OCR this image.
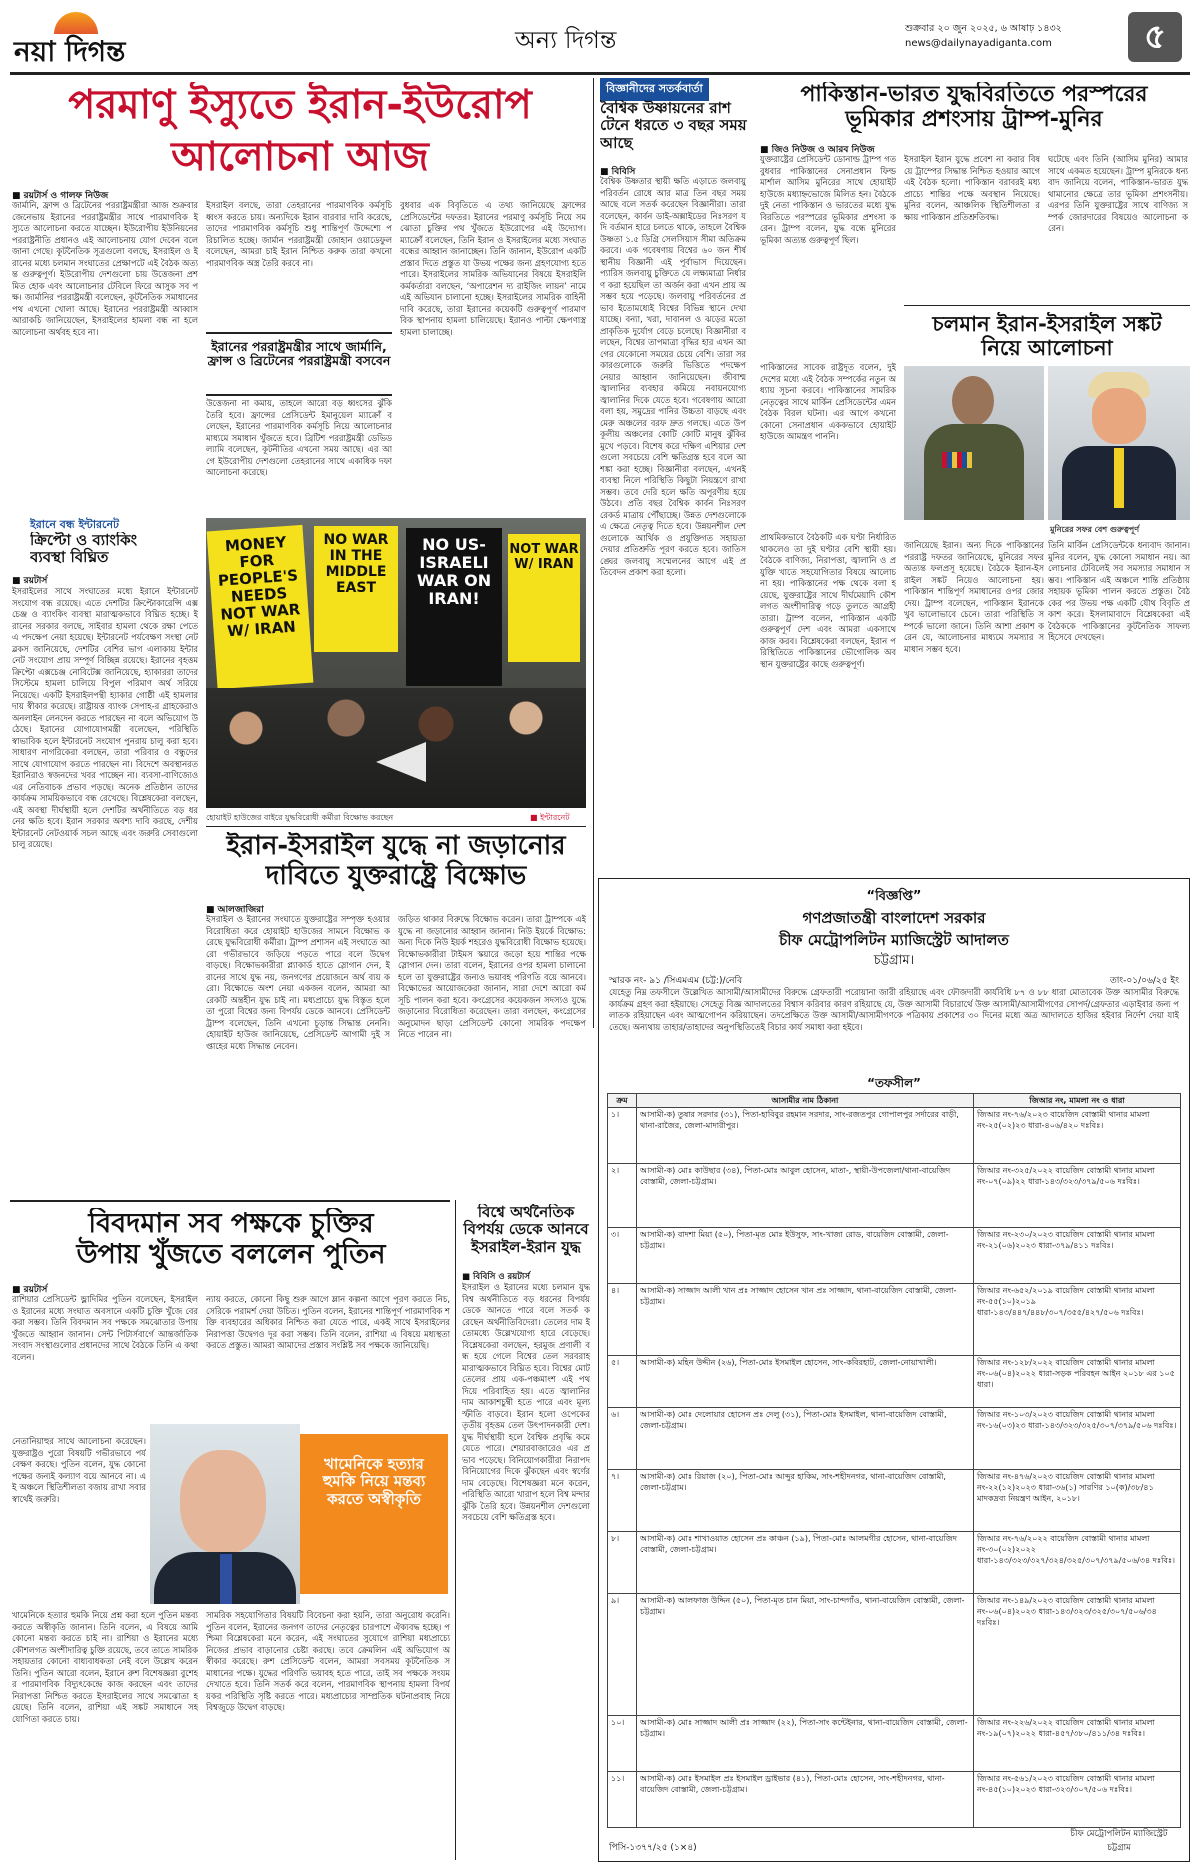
নয়া দিগন্ত	অন্য দিগন্ত	শুক্রবার ২০ জুন ২০২৫, ৬ আষাঢ় ১৪৩২
news@dailynayadiganta.com	৫
পরমাণু ইস্যুতে ইরান-ইউরোপ
আলোচনা আজ
■ রয়টার্স ও গালফ নিউজ
জার্মানি, ফ্রান্স ও ব্রিটেনের পররাষ্ট্রমন্ত্রীরা আজ শুক্রবার জেনেভায় ইরানের পররাষ্ট্রমন্ত্রীর সাথে পারমাণবিক ইস্যুতে আলোচনা করতে যাচ্ছেন। ইউরোপীয় ইউনিয়নের পররাষ্ট্রনীতি প্রধানও এই আলোচনায় যোগ দেবেন বলে জানা গেছে। কূটনৈতিক সূত্রগুলো বলছে, ইসরাইল ও ইরানের মধ্যে চলমান সংঘাতের প্রেক্ষাপটে এই বৈঠক অত্যন্ত গুরুত্বপূর্ণ। ইউরোপীয় দেশগুলো চায় উত্তেজনা প্রশমিত হোক এবং আলোচনার টেবিলে ফিরে আসুক সব পক্ষ। জার্মানির পররাষ্ট্রমন্ত্রী বলেছেন, কূটনৈতিক সমাধানের পথ এখনো খোলা আছে। ইরানের পররাষ্ট্রমন্ত্রী আব্বাস আরাকচি জানিয়েছেন, ইসরাইলের হামলা বন্ধ না হলে আলোচনা অর্থবহ হবে না।
ইসরাইল বলছে, তারা তেহরানের পারমাণবিক কর্মসূচি ধ্বংস করতে চায়। অন্যদিকে ইরান বারবার দাবি করেছে, তাদের পারমাণবিক কর্মসূচি শুধু শান্তিপূর্ণ উদ্দেশ্যে পরিচালিত হচ্ছে। জার্মান পররাষ্ট্রমন্ত্রী জোহান ওয়াডেফুল বলেছেন, আমরা চাই ইরান নিশ্চিত করুক তারা কখনো পারমাণবিক অস্ত্র তৈরি করবে না।
ইরানের পররাষ্ট্রমন্ত্রীর সাথে জার্মানি, ফ্রান্স ও ব্রিটেনের পররাষ্ট্রমন্ত্রী বসবেন
উত্তেজনা না কমায়, তাহলে আরো বড় ধ্বংসের ঝুঁকি তৈরি হবে। ফ্রান্সের প্রেসিডেন্ট ইমানুয়েল ম্যাক্রোঁ বলেছেন, ইরানের পারমাণবিক কর্মসূচি নিয়ে আলোচনার মাধ্যমে সমাধান খুঁজতে হবে। ব্রিটিশ পররাষ্ট্রমন্ত্রী ডেভিড ল্যামি বলেছেন, কূটনীতির এখনো সময় আছে। এর আগে ইউরোপীয় দেশগুলো তেহরানের সাথে একাধিক দফা আলোচনা করেছে।
বুধবার এক বিবৃতিতে এ তথ্য জানিয়েছে ফ্রান্সের প্রেসিডেন্টের দফতর। ইরানের পরমাণু কর্মসূচি নিয়ে সমঝোতা চুক্তির পথ খুঁজতে ইউরোপের এই উদ্যোগ। ম্যাক্রোঁ বলেছেন, তিনি ইরান ও ইসরাইলের মধ্যে সংঘাত বন্ধের আহ্বান জানাচ্ছেন। তিনি জানান, ইউরোপ একটি প্রস্তাব দিতে প্রস্তুত যা উভয় পক্ষের জন্য গ্রহণযোগ্য হতে পারে। ইসরাইলের সামরিক অভিযানের বিষয়ে ইসরাইলি কর্মকর্তারা বলছেন, ‘অপারেশন দ্য রাইজিং লায়ন’ নামে এই অভিযান চালানো হচ্ছে। ইসরাইলের সামরিক বাহিনী দাবি করেছে, তারা ইরানের কয়েকটি গুরুত্বপূর্ণ পারমাণবিক স্থাপনায় হামলা চালিয়েছে। ইরানও পাল্টা ক্ষেপণাস্ত্র হামলা চালাচ্ছে।
ইরানে বন্ধ ইন্টারনেট
ক্রিপ্টো ও ব্যাংকিং ব্যবস্থা বিঘ্নিত
■ রয়টার্স
ইসরাইলের সাথে সংঘাতের মধ্যে ইরানে ইন্টারনেট সংযোগ বন্ধ রয়েছে। এতে দেশটির ক্রিপ্টোকারেন্সি এক্সচেঞ্জ ও ব্যাংকিং ব্যবস্থা মারাত্মকভাবে বিঘ্নিত হচ্ছে। ইরানের সরকার বলছে, সাইবার হামলা থেকে রক্ষা পেতে এ পদক্ষেপ নেয়া হয়েছে। ইন্টারনেট পর্যবেক্ষণ সংস্থা নেটব্লকস জানিয়েছে, দেশটির বেশির ভাগ এলাকায় ইন্টারনেট সংযোগ প্রায় সম্পূর্ণ বিচ্ছিন্ন রয়েছে। ইরানের বৃহত্তম ক্রিপ্টো এক্সচেঞ্জ নোবিটেক্স জানিয়েছে, হ্যাকাররা তাদের সিস্টেমে হামলা চালিয়ে বিপুল পরিমাণ অর্থ সরিয়ে নিয়েছে। একটি ইসরাইলপন্থী হ্যাকার গোষ্ঠী এই হামলার দায় স্বীকার করেছে। রাষ্ট্রায়ত্ত ব্যাংক সেপাহ-র গ্রাহকেরাও অনলাইন লেনদেন করতে পারছেন না বলে অভিযোগ উঠেছে। ইরানের যোগাযোগমন্ত্রী বলেছেন, পরিস্থিতি স্বাভাবিক হলে ইন্টারনেট সংযোগ পুনরায় চালু করা হবে। সাধারণ নাগরিকেরা বলছেন, তারা পরিবার ও বন্ধুদের সাথে যোগাযোগ করতে পারছেন না। বিদেশে অবস্থানরত ইরানিরাও স্বজনদের খবর পাচ্ছেন না। ব্যবসা-বাণিজ্যেও এর নেতিবাচক প্রভাব পড়ছে। অনেক প্রতিষ্ঠান তাদের কার্যক্রম সাময়িকভাবে বন্ধ রেখেছে। বিশ্লেষকেরা বলছেন, এই অবস্থা দীর্ঘস্থায়ী হলে দেশটির অর্থনীতিতে বড় ধরনের ক্ষতি হবে। ইরান সরকার অবশ্য দাবি করছে, দেশীয় ইন্টারনেট নেটওয়ার্ক সচল আছে এবং জরুরি সেবাগুলো চালু রয়েছে।
MONEY FOR PEOPLE'S NEEDS NOT WAR W/ IRAN
NO WAR IN THE MIDDLE EAST
NO US-ISRAELI WAR ON IRAN!
NOT WAR W/ IRAN
হোয়াইট হাউজের বাইরে যুদ্ধবিরোধী কর্মীরা বিক্ষোভ করছেন	■ ইন্টারনেট
ইরান-ইসরাইল যুদ্ধে না জড়ানোর
দাবিতে যুক্তরাষ্ট্রে বিক্ষোভ
■ আলজাজিরা
ইসরাইল ও ইরানের সংঘাতে যুক্তরাষ্ট্রের সম্পৃক্ত হওয়ার বিরোধিতা করে হোয়াইট হাউজের সামনে বিক্ষোভ করেছে যুদ্ধবিরোধী কর্মীরা। ট্রাম্প প্রশাসন এই সংঘাতে আরো গভীরভাবে জড়িয়ে পড়তে পারে বলে উদ্বেগ বাড়ছে। বিক্ষোভকারীরা প্ল্যাকার্ড হাতে স্লোগান দেন, ইরানের সাথে যুদ্ধ নয়, জনগণের প্রয়োজনে অর্থ ব্যয় করো। বিক্ষোভে অংশ নেয়া একজন বলেন, আমরা আরেকটি অন্তহীন যুদ্ধ চাই না। মধ্যপ্রাচ্যে যুদ্ধ বিস্তৃত হলে তা পুরো বিশ্বের জন্য বিপর্যয় ডেকে আনবে। প্রেসিডেন্ট ট্রাম্প বলেছেন, তিনি এখনো চূড়ান্ত সিদ্ধান্ত নেননি। হোয়াইট হাউজ জানিয়েছে, প্রেসিডেন্ট আগামী দুই সপ্তাহের মধ্যে সিদ্ধান্ত নেবেন।
জড়িত থাকার বিরুদ্ধে বিক্ষোভ করেন। তারা ট্রাম্পকে এই যুদ্ধে না জড়ানোর আহ্বান জানান। নিউ ইয়র্কে বিক্ষোভ: অন্য দিকে নিউ ইয়র্ক শহরেও যুদ্ধবিরোধী বিক্ষোভ হয়েছে। বিক্ষোভকারীরা টাইমস স্কয়ারে জড়ো হয়ে শান্তির পক্ষে স্লোগান দেন। তারা বলেন, ইরানের ওপর হামলা চালানো হলে তা যুক্তরাষ্ট্রের জন্যও ভয়াবহ পরিণতি বয়ে আনবে। বিক্ষোভের আয়োজকেরা জানান, সারা দেশে আরো কর্মসূচি পালন করা হবে। কংগ্রেসের কয়েকজন সদস্যও যুদ্ধে জড়ানোর বিরোধিতা করেছেন। তারা বলছেন, কংগ্রেসের অনুমোদন ছাড়া প্রেসিডেন্ট কোনো সামরিক পদক্ষেপ নিতে পারেন না।
বিজ্ঞানীদের সতর্কবার্তা
বৈশ্বিক উষ্ণায়নের রাশ টেনে ধরতে ৩ বছর সময় আছে
■ বিবিসি
বৈশ্বিক উষ্ণতার স্থায়ী ক্ষতি এড়াতে জলবায়ু পরিবর্তন রোধে আর মাত্র তিন বছর সময় আছে বলে সতর্ক করেছেন বিজ্ঞানীরা। তারা বলেছেন, কার্বন ডাই-অক্সাইডের নিঃসরণ যদি বর্তমান হারে চলতে থাকে, তাহলে বৈশ্বিক উষ্ণতা ১.৫ ডিগ্রি সেলসিয়াস সীমা অতিক্রম করবে। এক গবেষণায় বিশ্বের ৬০ জন শীর্ষস্থানীয় বিজ্ঞানী এই পূর্বাভাস দিয়েছেন। প্যারিস জলবায়ু চুক্তিতে যে লক্ষ্যমাত্রা নির্ধারণ করা হয়েছিল তা অর্জন করা এখন প্রায় অসম্ভব হয়ে পড়েছে। জলবায়ু পরিবর্তনের প্রভাব ইতোমধ্যেই বিশ্বের বিভিন্ন স্থানে দেখা যাচ্ছে। বন্যা, খরা, দাবানল ও ঝড়ের মতো প্রাকৃতিক দুর্যোগ বেড়ে চলেছে। বিজ্ঞানীরা বলছেন, বিশ্বের তাপমাত্রা বৃদ্ধির হার এখন আগের যেকোনো সময়ের চেয়ে বেশি। তারা সরকারগুলোকে জরুরি ভিত্তিতে পদক্ষেপ নেয়ার আহ্বান জানিয়েছেন। জীবাশ্ম জ্বালানির ব্যবহার কমিয়ে নবায়নযোগ্য জ্বালানির দিকে যেতে হবে। গবেষণায় আরো বলা হয়, সমুদ্রের পানির উচ্চতা বাড়ছে এবং মেরু অঞ্চলের বরফ দ্রুত গলছে। এতে উপকূলীয় অঞ্চলের কোটি কোটি মানুষ ঝুঁকির মুখে পড়বে। বিশেষ করে দক্ষিণ এশিয়ার দেশগুলো সবচেয়ে বেশি ক্ষতিগ্রস্ত হবে বলে আশঙ্কা করা হচ্ছে। বিজ্ঞানীরা বলছেন, এখনই ব্যবস্থা নিলে পরিস্থিতি কিছুটা নিয়ন্ত্রণে রাখা সম্ভব। তবে দেরি হলে ক্ষতি অপূরণীয় হয়ে উঠবে। প্রতি বছর বৈশ্বিক কার্বন নিঃসরণ রেকর্ড মাত্রায় পৌঁছাচ্ছে। উন্নত দেশগুলোকে এ ক্ষেত্রে নেতৃত্ব দিতে হবে। উন্নয়নশীল দেশগুলোকে আর্থিক ও প্রযুক্তিগত সহায়তা দেয়ার প্রতিশ্রুতি পূরণ করতে হবে। জাতিসঙ্ঘের জলবায়ু সম্মেলনের আগে এই প্রতিবেদন প্রকাশ করা হলো।
পাকিস্তান-ভারত যুদ্ধবিরতিতে পরস্পরের
ভূমিকার প্রশংসায় ট্রাম্প-মুনির
■ জিও নিউজ ও আরব নিউজ
যুক্তরাষ্ট্রের প্রেসিডেন্ট ডোনাল্ড ট্রাম্প গত বুধবার পাকিস্তানের সেনাপ্রধান ফিল্ড মার্শাল আসিম মুনিরের সাথে হোয়াইট হাউজে মধ্যাহ্নভোজে মিলিত হন। বৈঠকে দুই নেতা পাকিস্তান ও ভারতের মধ্যে যুদ্ধবিরতিতে পরস্পরের ভূমিকার প্রশংসা করেন। ট্রাম্প বলেন, যুদ্ধ বন্ধে মুনিরের ভূমিকা অত্যন্ত গুরুত্বপূর্ণ ছিল।
ইসরাইল ইরান যুদ্ধে প্রবেশ না করার বিষয়ে ট্রাম্পের সিদ্ধান্ত নিশ্চিত হওয়ার আগে এই বৈঠক হলো। পাকিস্তান বরাবরই মধ্যপ্রাচ্যে শান্তির পক্ষে অবস্থান নিয়েছে। মুনির বলেন, আঞ্চলিক স্থিতিশীলতা রক্ষায় পাকিস্তান প্রতিশ্রুতিবদ্ধ।
ঘটেছে এবং তিনি (আসিম মুনির) আমার সাথে একমত হয়েছেন। ট্রাম্প মুনিরকে ধন্যবাদ জানিয়ে বলেন, পাকিস্তান-ভারত যুদ্ধ থামানোর ক্ষেত্রে তার ভূমিকা প্রশংসনীয়। এরপর তিনি যুক্তরাষ্ট্রের সাথে বাণিজ্য সম্পর্ক জোরদারের বিষয়েও আলোচনা করেন।
চলমান ইরান-ইসরাইল সঙ্কট
নিয়ে আলোচনা
মুনিরের সফর বেশ গুরুত্বপূর্ণ
পাকিস্তানের সাবেক রাষ্ট্রদূত বলেন, দুই দেশের মধ্যে এই বৈঠক সম্পর্কের নতুন অধ্যায় সূচনা করবে। পাকিস্তানের সামরিক নেতৃত্বের সাথে মার্কিন প্রেসিডেন্টের এমন বৈঠক বিরল ঘটনা। এর আগে কখনো কোনো সেনাপ্রধান এককভাবে হোয়াইট হাউজে আমন্ত্রণ পাননি।
প্রাথমিকভাবে বৈঠকটি এক ঘণ্টা নির্ধারিত থাকলেও তা দুই ঘণ্টার বেশি স্থায়ী হয়। বৈঠকে বাণিজ্য, নিরাপত্তা, জ্বালানি ও প্রযুক্তি খাতে সহযোগিতার বিষয়ে আলোচনা হয়। পাকিস্তানের পক্ষ থেকে বলা হয়েছে, যুক্তরাষ্ট্রের সাথে দীর্ঘমেয়াদি কৌশলগত অংশীদারিত্ব গড়ে তুলতে আগ্রহী তারা। ট্রাম্প বলেন, পাকিস্তান একটি গুরুত্বপূর্ণ দেশ এবং আমরা একসাথে কাজ করব। বিশ্লেষকেরা বলছেন, ইরান পরিস্থিতিতে পাকিস্তানের ভৌগোলিক অবস্থান যুক্তরাষ্ট্রের কাছে গুরুত্বপূর্ণ।
জানিয়েছে ইরান। অন্য দিকে পাকিস্তানের পররাষ্ট্র দফতর জানিয়েছে, মুনিরের সফর অত্যন্ত ফলপ্রসূ হয়েছে। বৈঠকে ইরান-ইসরাইল সঙ্কট নিয়েও আলোচনা হয়। পাকিস্তান শান্তিপূর্ণ সমাধানের ওপর জোর দেয়। ট্রাম্প বলেছেন, পাকিস্তান ইরানকে খুব ভালোভাবে চেনে। তারা পরিস্থিতি সম্পর্কে ভালো জানে। তিনি আশা প্রকাশ করেন যে, আলোচনার মাধ্যমে সমস্যার সমাধান সম্ভব হবে।
তিনি মার্কিন প্রেসিডেন্টকে ধন্যবাদ জানান। মুনির বলেন, যুদ্ধ কোনো সমাধান নয়। আলোচনার টেবিলেই সব সমস্যার সমাধান সম্ভব। পাকিস্তান এই অঞ্চলে শান্তি প্রতিষ্ঠায় সহায়ক ভূমিকা পালন করতে প্রস্তুত। বৈঠকের পর উভয় পক্ষ একটি যৌথ বিবৃতি প্রকাশ করে। ইসলামাবাদে বিশ্লেষকেরা এই বৈঠককে পাকিস্তানের কূটনৈতিক সাফল্য হিসেবে দেখছেন।
“বিজ্ঞপ্তি”
গণপ্রজাতন্ত্রী বাংলাদেশ সরকার
চীফ মেট্রোপলিটন ম্যাজিস্ট্রেট আদালত
চট্টগ্রাম।
স্মারক নং- ৯১ /সিএমএম (চট্ট:)/নেবি	তাং-০১/০৬/২৫ ইং
যেহেতু নিম্ন তফসীলে উল্লেখিত আসামী/আসামীদের বিরুদ্ধে গ্রেফতারী পরোয়ানা জারী রহিয়াছে এবং ফৌজদারী কার্যবিধি ৮৭ ও ৮৮ ধারা মোতাবেক উক্ত আসামীর বিরুদ্ধে কার্যক্রম গ্রহণ করা হইয়াছে। সেহেতু বিজ্ঞ আদালতের বিশ্বাস করিবার কারণ রহিয়াছে যে, উক্ত আসামী বিচারার্থে উক্ত আসামী/আসামীগণের সোপর্দ/গ্রেফতার এড়াইবার জন্য পলাতক রহিয়াছেন এবং আত্মগোপন করিয়াছেন। তদপ্রেক্ষিতে উক্ত আসামী/আসামীগণকে পত্রিকায় প্রকাশের ৩০ দিনের মধ্যে অত্র আদালতে হাজির হইবার নির্দেশ দেয়া যাইতেছে। অন্যথায় তাহার/তাহাদের অনুপস্থিতিতেই বিচার কার্য সমাধা করা হইবে।
“তফসীল”
ক্রম	আসামীর নাম ঠিকানা	জিআর নং, মামলা নং ও ধারা
১।	আসামী-ক) তুষার সরদার (৩১), পিতা-হাবিবুর রহমান সরদার, সাং-রজতপুর গোপালপুর সর্দারের বাড়ী, থানা-রাজৈর, জেলা-মাদারীপুর।	জিআর নং-৭৬/২০২৩ বায়েজিদ বোস্তামী থানার মামলা নং-২৫(০২)২৩ ধারা-৪০৬/৪২০ দঃবিঃ।
২।	আসামী-ক) মোঃ কাউছার (৩৪), পিতা-মোঃ আবুল হোসেন, মাতা-, স্থায়ী-উপজেলা/থানা-বায়েজিদ বোস্তামী, জেলা-চট্টগ্রাম।	জিআর নং-৩২৫/২০২২ বায়েজিদ বোস্তামী থানার মামলা নং-০৭(০৯)২২ ধারা-১৪৩/৩২৩/৩৭৯/৫০৬ দঃবিঃ।
৩।	আসামী-ক) বাদশা মিয়া (৫০), পিতা-মৃত মোঃ ইউসুফ, সাং-খাজা রোড, বায়েজিদ বোস্তামী, জেলা-চট্টগ্রাম।	জিআর নং-২৩০/২০২৩ বায়েজিদ বোস্তামী থানার মামলা নং-২১(০৬)২০২৩ ধারা-৩৭৯/৪১১ দঃবিঃ।
৪।	আসামী-ক) সাজ্জাদ আলী খান প্রঃ সাজ্জাদ হোসেন খান প্রঃ সাজ্জাদ, থানা-বায়েজিদ বোস্তামী, জেলা-চট্টগ্রাম।	জিআর নং-৬৫২/২০১৯ বায়েজিদ বোস্তামী থানার মামলা নং-৫৫(১০)২০১৯ ধারা-১৪৩/৪৪৭/৪৪৮/৩০৭/৩৫৫/৪২৭/৫০৬ দঃবিঃ।
৫।	আসামী-ক) মহিন উদ্দীন (২৬), পিতা-মোঃ ইসমাইল হোসেন, সাং-কবিরহাট, জেলা-নোয়াখালী।	জিআর নং-১২৮/২০২২ বায়েজিদ বোস্তামী থানার মামলা নং-০৬(০৪)২০২২ ধারা-সড়ক পরিবহন আইন ২০১৮ এর ১০৫ ধারা।
৬।	আসামী-ক) মোঃ দেলোয়ার হোসেন প্রঃ দেলু (৩১), পিতা-মোঃ ইসমাইল, থানা-বায়েজিদ বোস্তামী, জেলা-চট্টগ্রাম।	জিআর নং-১০৩/২০২৩ বায়েজিদ বোস্তামী থানার মামলা নং-১৬(০৩)২৩ ধারা-১৪৩/৩২৩/৩২৫/৩০৭/৩৭৯/৫০৬ দঃবিঃ।
৭।	আসামী-ক) মোঃ রিয়াজ (২০), পিতা-মোঃ আব্দুর হাকিম, সাং-শহীদনগর, থানা-বায়েজিদ বোস্তামী, জেলা-চট্টগ্রাম।	জিআর নং-৪৭৬/২০২৩ বায়েজিদ বোস্তামী থানার মামলা নং-২২(১২)২০২৩ ধারা-৩৬(১) সারণির ১০(ক)/৩৮/৪১ মাদকদ্রব্য নিয়ন্ত্রণ আইন, ২০১৮।
৮।	আসামী-ক) মোঃ শাখাওয়াত হোসেন প্রঃ কাঞ্চন (১৯), পিতা-মোঃ আলমগীর হোসেন, থানা-বায়েজিদ বোস্তামী, জেলা-চট্টগ্রাম।	জিআর নং-৭৬/২০২২ বায়েজিদ বোস্তামী থানার মামলা নং-৩০(০২)২০২২ ধারা-১৪৩/৩২৩/৩২৭/৩২৪/৩২৫/৩০৭/৩৭৯/৫০৬/৩৪ দঃবিঃ।
৯।	আসামী-ক) আলফাজ উদ্দিন (৫০), পিতা-মৃত চান মিয়া, সাং-চান্দগাঁও, থানা-বায়েজিদ বোস্তামী, জেলা-চট্টগ্রাম।	জিআর নং-১৪৯/২০২৩ বায়েজিদ বোস্তামী থানার মামলা নং-০৬(০৪)২০২৩ ধারা-১৪৩/৩২৩/৩২৫/৩০৭/৫০৬/৩৪ দঃবিঃ।
১০।	আসামী-ক) মোঃ সাজ্জাদ আলী প্রঃ সাজ্জাদ (২২), পিতা-সাং কন্টেইনার, থানা-বায়েজিদ বোস্তামী, জেলা-চট্টগ্রাম।	জিআর নং-২২৬/২০২২ বায়েজিদ বোস্তামী থানার মামলা নং-১৯(০৭)২০২২ ধারা-৪৫৭/৩৮০/৪১১/৩৪ দঃবিঃ।
১১।	আসামী-ক) মোঃ ইসমাইল প্রঃ ইসমাইল ড্রাইভার (৪১), পিতা-মোঃ হোসেন, সাং-শহীদনগর, থানা-বায়েজিদ বোস্তামী, জেলা-চট্টগ্রাম।	জিআর নং-৫৬১/২০২৩ বায়েজিদ বোস্তামী থানার মামলা নং-৪৫(১০)২০২৩ ধারা-৩২৩/৩০৭/৫০৬ দঃবিঃ।
পিসি-১৩৭৭/২৫ (১×৪)
চীফ মেট্রোপলিটন ম্যাজিস্ট্রেট চট্টগ্রাম
বিবদমান সব পক্ষকে চুক্তির
উপায় খুঁজতে বললেন পুতিন
■ রয়টার্স
রাশিয়ার প্রেসিডেন্ট ভ্লাদিমির পুতিন বলেছেন, ইসরাইল ও ইরানের মধ্যে সংঘাত অবসানে একটি চুক্তি খুঁজে বের করা সম্ভব। তিনি বিবদমান সব পক্ষকে সমঝোতার উপায় খুঁজতে আহ্বান জানান। সেন্ট পিটার্সবার্গে আন্তর্জাতিক সংবাদ সংস্থাগুলোর প্রধানদের সাথে বৈঠকে তিনি এ কথা বলেন।
ন্যায় করতে, কোনো কিছু শুরু আগে ম্লান কল্পনা আগে পূরণ করতে নিচ, সেরিকে পরামর্শ দেয়া উচিত। পুতিন বলেন, ইরানের শান্তিপূর্ণ পারমাণবিক শক্তি ব্যবহারের অধিকার নিশ্চিত করা যেতে পারে, একই সাথে ইসরাইলের নিরাপত্তা উদ্বেগও দূর করা সম্ভব। তিনি বলেন, রাশিয়া এ বিষয়ে মধ্যস্থতা করতে প্রস্তুত। আমরা আমাদের প্রস্তাব সংশ্লিষ্ট সব পক্ষকে জানিয়েছি।
খামেনিকে হত্যার হুমকি নিয়ে মন্তব্য করতে অস্বীকৃতি
নেতানিয়াহুর সাথে আলোচনা করেছেন। যুক্তরাষ্ট্রও পুরো বিষয়টি গভীরভাবে পর্যবেক্ষণ করছে। পুতিন বলেন, যুদ্ধ কোনো পক্ষের জন্যই কল্যাণ বয়ে আনবে না। এই অঞ্চলে স্থিতিশীলতা বজায় রাখা সবার স্বার্থেই জরুরি।
খামেনিকে হত্যার হুমকি নিয়ে প্রশ্ন করা হলে পুতিন মন্তব্য করতে অস্বীকৃতি জানান। তিনি বলেন, এ বিষয়ে আমি কোনো মন্তব্য করতে চাই না। রাশিয়া ও ইরানের মধ্যে কৌশলগত অংশীদারিত্ব চুক্তি রয়েছে, তবে তাতে সামরিক সহায়তার কোনো বাধ্যবাধকতা নেই বলে উল্লেখ করেন তিনি। পুতিন আরো বলেন, ইরানে রুশ বিশেষজ্ঞরা বুশেহর পারমাণবিক বিদ্যুৎকেন্দ্রে কাজ করছেন এবং তাদের নিরাপত্তা নিশ্চিত করতে ইসরাইলের সাথে সমঝোতা হয়েছে। তিনি বলেন, রাশিয়া এই সঙ্কট সমাধানে সহযোগিতা করতে চায়।
সামরিক সহযোগিতার বিষয়টি বিবেচনা করা হয়নি, তারা অনুরোধ করেনি। পুতিন বলেন, ইরানের জনগণ তাদের নেতৃত্বের চারপাশে ঐক্যবদ্ধ হচ্ছে। পশ্চিমা বিশ্লেষকেরা মনে করেন, এই সংঘাতের সুযোগে রাশিয়া মধ্যপ্রাচ্যে নিজের প্রভাব বাড়ানোর চেষ্টা করছে। তবে ক্রেমলিন এই অভিযোগ অস্বীকার করেছে। রুশ প্রেসিডেন্ট বলেন, আমরা সবসময় কূটনৈতিক সমাধানের পক্ষে। যুদ্ধের পরিণতি ভয়াবহ হতে পারে, তাই সব পক্ষকে সংযম দেখাতে হবে। তিনি সতর্ক করে বলেন, পারমাণবিক স্থাপনায় হামলা বিপর্যয়কর পরিস্থিতি সৃষ্টি করতে পারে। মধ্যপ্রাচ্যের সাম্প্রতিক ঘটনাপ্রবাহ নিয়ে বিশ্বজুড়ে উদ্বেগ বাড়ছে।
বিশ্বে অর্থনৈতিক
বিপর্যয় ডেকে আনবে
ইসরাইল-ইরান যুদ্ধ
■ বিবিসি ও রয়টার্স
ইসরাইল ও ইরানের মধ্যে চলমান যুদ্ধ বিশ্ব অর্থনীতিতে বড় ধরনের বিপর্যয় ডেকে আনতে পারে বলে সতর্ক করেছেন অর্থনীতিবিদেরা। তেলের দাম ইতোমধ্যে উল্লেখযোগ্য হারে বেড়েছে। বিশ্লেষকেরা বলছেন, হরমুজ প্রণালী বন্ধ হয়ে গেলে বিশ্বের তেল সরবরাহ মারাত্মকভাবে বিঘ্নিত হবে। বিশ্বের মোট তেলের প্রায় এক-পঞ্চমাংশ এই পথ দিয়ে পরিবাহিত হয়। এতে জ্বালানির দাম আকাশচুম্বী হতে পারে এবং মূল্যস্ফীতি বাড়বে। ইরান হলো ওপেকের তৃতীয় বৃহত্তম তেল উৎপাদনকারী দেশ। যুদ্ধ দীর্ঘস্থায়ী হলে বৈশ্বিক প্রবৃদ্ধি কমে যেতে পারে। শেয়ারবাজারেও এর প্রভাব পড়েছে। বিনিয়োগকারীরা নিরাপদ বিনিয়োগের দিকে ঝুঁকছেন এবং স্বর্ণের দাম বেড়েছে। বিশেষজ্ঞরা মনে করেন, পরিস্থিতি আরো খারাপ হলে বিশ্ব মন্দার ঝুঁকি তৈরি হবে। উন্নয়নশীল দেশগুলো সবচেয়ে বেশি ক্ষতিগ্রস্ত হবে।
